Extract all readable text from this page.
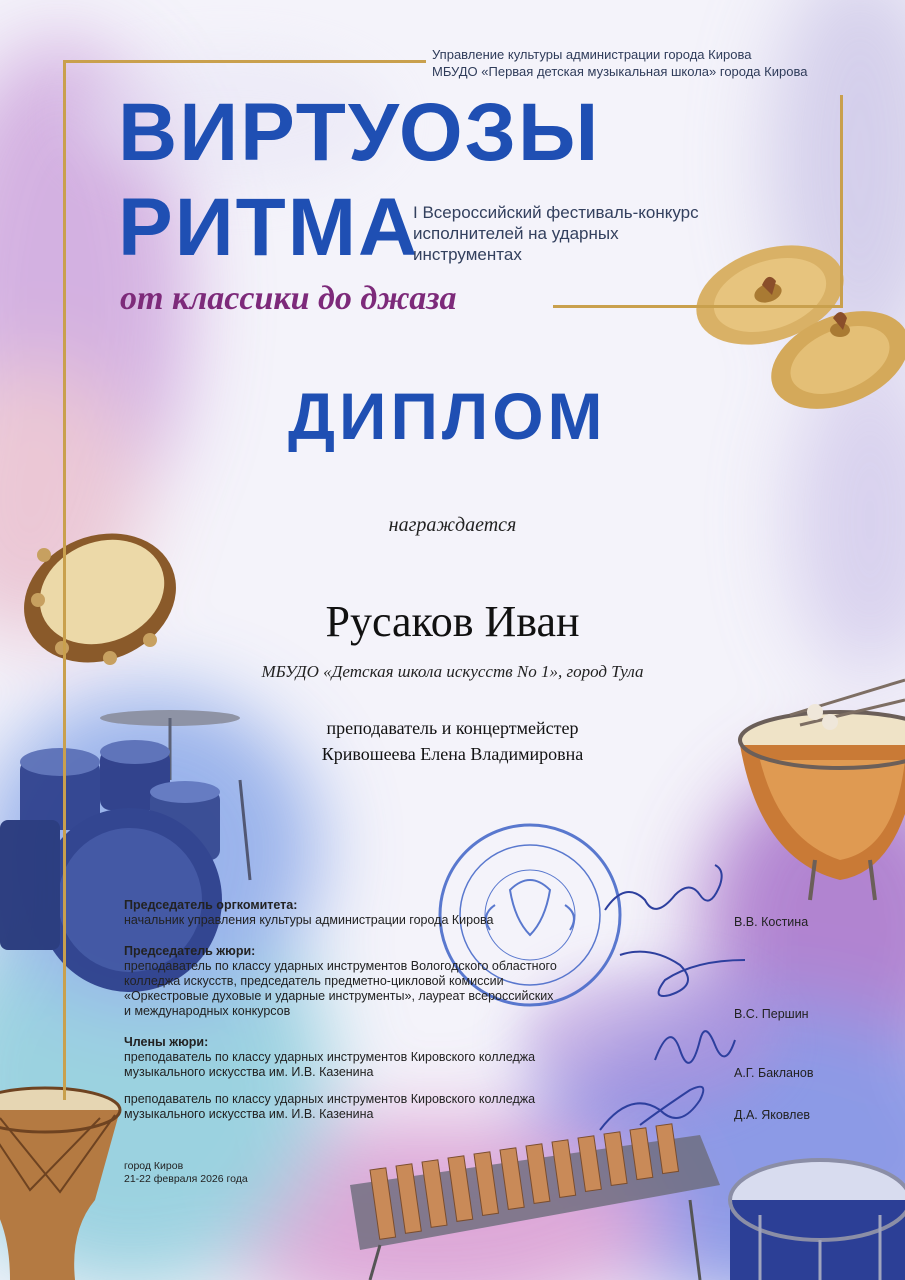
Управление культуры администрации города Кирова
МБУДО «Первая детская музыкальная школа» города Кирова
ВИРТУОЗЫ
РИТМА
I Всероссийский фестиваль-конкурс
исполнителей на ударных
инструментах
от классики до джаза
ДИПЛОМ
награждается
Русаков Иван
МБУДО «Детская школа искусств No 1», город Тула
преподаватель и концертмейстер
Кривошеева Елена Владимировна
Председатель оргкомитета:
начальник управления культуры администрации города Кирова	В.В. Костина
Председатель жюри:
преподаватель по классу ударных инструментов Вологодского областного
колледжа искусств, председатель предметно-цикловой комиссии
«Оркестровые духовые и ударные инструменты», лауреат всероссийских
и международных конкурсов	В.С. Першин
Члены жюри:
преподаватель по классу ударных инструментов Кировского колледжа
музыкального искусства им. И.В. Казенина	А.Г. Бакланов
преподаватель по классу ударных инструментов Кировского колледжа
музыкального искусства им. И.В. Казенина	Д.А. Яковлев
город Киров
21-22 февраля 2026 года
